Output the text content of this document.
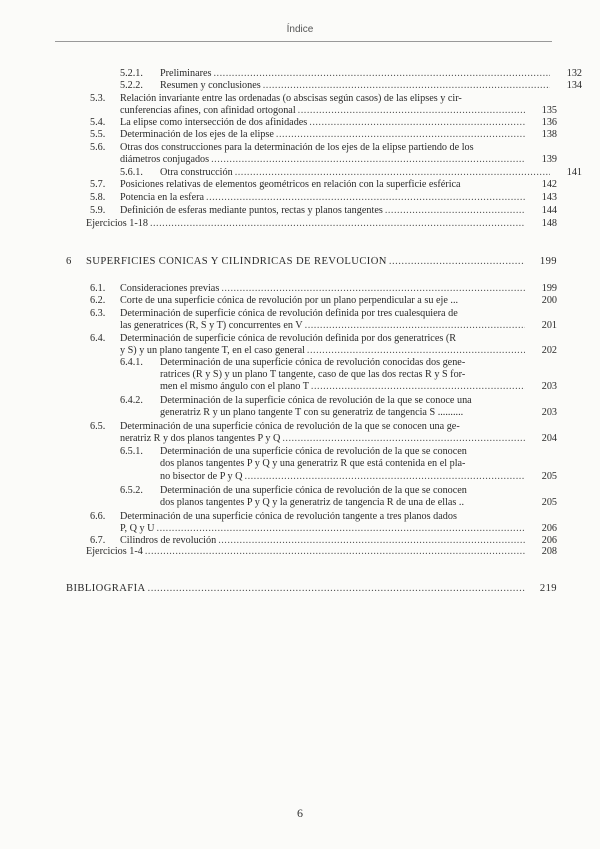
Índice
5.2.1. Preliminares .....	132
5.2.2. Resumen y conclusiones .....	134
5.3. Relación invariante entre las ordenadas (o abscisas según casos) de las elipses y cir-
cunferencias afines, con afinidad ortogonal .....	135
5.4. La elipse como intersección de dos afinidades .....	136
5.5. Determinación de los ejes de la elipse .....	138
5.6. Otras dos construcciones para la determinación de los ejes de la elipse partiendo de los
diámetros conjugados .....	139
5.6.1. Otra construcción .....	141
5.7. Posiciones relativas de elementos geométricos en relación con la superficie esférica	142
5.8. Potencia en la esfera .....	143
5.9. Definición de esferas mediante puntos, rectas y planos tangentes .....	144
Ejercicios 1-18 .....	148
6 SUPERFICIES CÓNICAS Y CILÍNDRICAS DE REVOLUCIÓN .....	199
6.1. Consideraciones previas .....	199
6.2. Corte de una superficie cónica de revolución por un plano perpendicular a su eje ...	200
6.3. Determinación de superficie cónica de revolución definida por tres cualesquiera de
las generatrices (R, S y T) concurrentes en V .....	201
6.4. Determinación de superficie cónica de revolución definida por dos generatrices (R
y S) y un plano tangente T, en el caso general .....	202
6.4.1. Determinación de una superficie cónica de revolución conocidas dos gene-
ratrices (R y S) y un plano T tangente, caso de que las dos rectas R y S for-
men el mismo ángulo con el plano T .....	203
6.4.2. Determinación de la superficie cónica de revolución de la que se conoce una
generatriz R y un plano tangente T con su generatriz de tangencia S ..........	203
6.5. Determinación de una superficie cónica de revolución de la que se conocen una ge-
neratriz R y dos planos tangentes P y Q .....	204
6.5.1. Determinación de una superficie cónica de revolución de la que se conocen
dos planos tangentes P y Q y una generatriz R que está contenida en el pla-
no bisector de P y Q .....	205
6.5.2. Determinación de una superficie cónica de revolución de la que se conocen
dos planos tangentes P y Q y la generatriz de tangencia R de una de ellas ..	205
6.6. Determinación de una superficie cónica de revolución tangente a tres planos dados
P, Q y U .....	206
6.7. Cilindros de revolución .....	206
Ejercicios 1-4 .....	208
BIBLIOGRAFÍA .....	219
6
